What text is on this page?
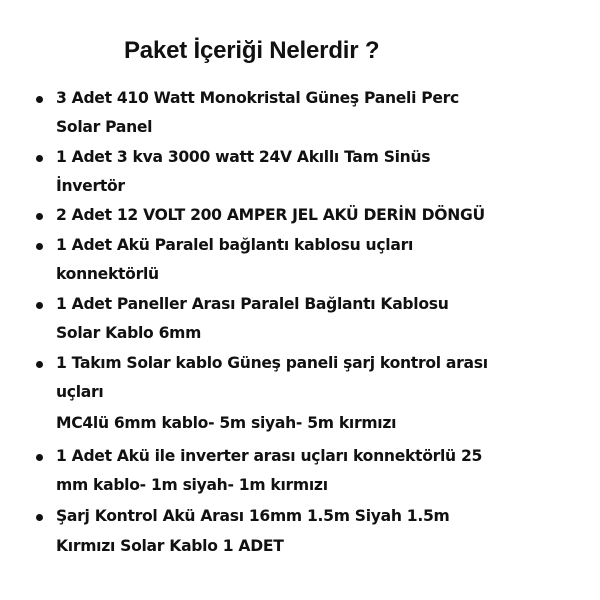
Paket İçeriği Nelerdir ?
3 Adet 410 Watt Monokristal Güneş Paneli Perc
Solar Panel
1 Adet 3 kva 3000 watt 24V Akıllı Tam Sinüs
İnvertör
2 Adet 12 VOLT 200 AMPER JEL AKÜ DERİN DÖNGÜ
1 Adet Akü Paralel bağlantı kablosu uçları
konnektörlü
1 Adet Paneller Arası Paralel Bağlantı Kablosu
Solar Kablo 6mm
1 Takım Solar kablo Güneş paneli şarj kontrol arası
uçları
MC4lü 6mm kablo- 5m siyah- 5m kırmızı
1 Adet Akü ile inverter arası uçları konnektörlü 25
mm kablo- 1m siyah- 1m kırmızı
Şarj Kontrol Akü Arası 16mm 1.5m Siyah 1.5m
Kırmızı Solar Kablo 1 ADET
